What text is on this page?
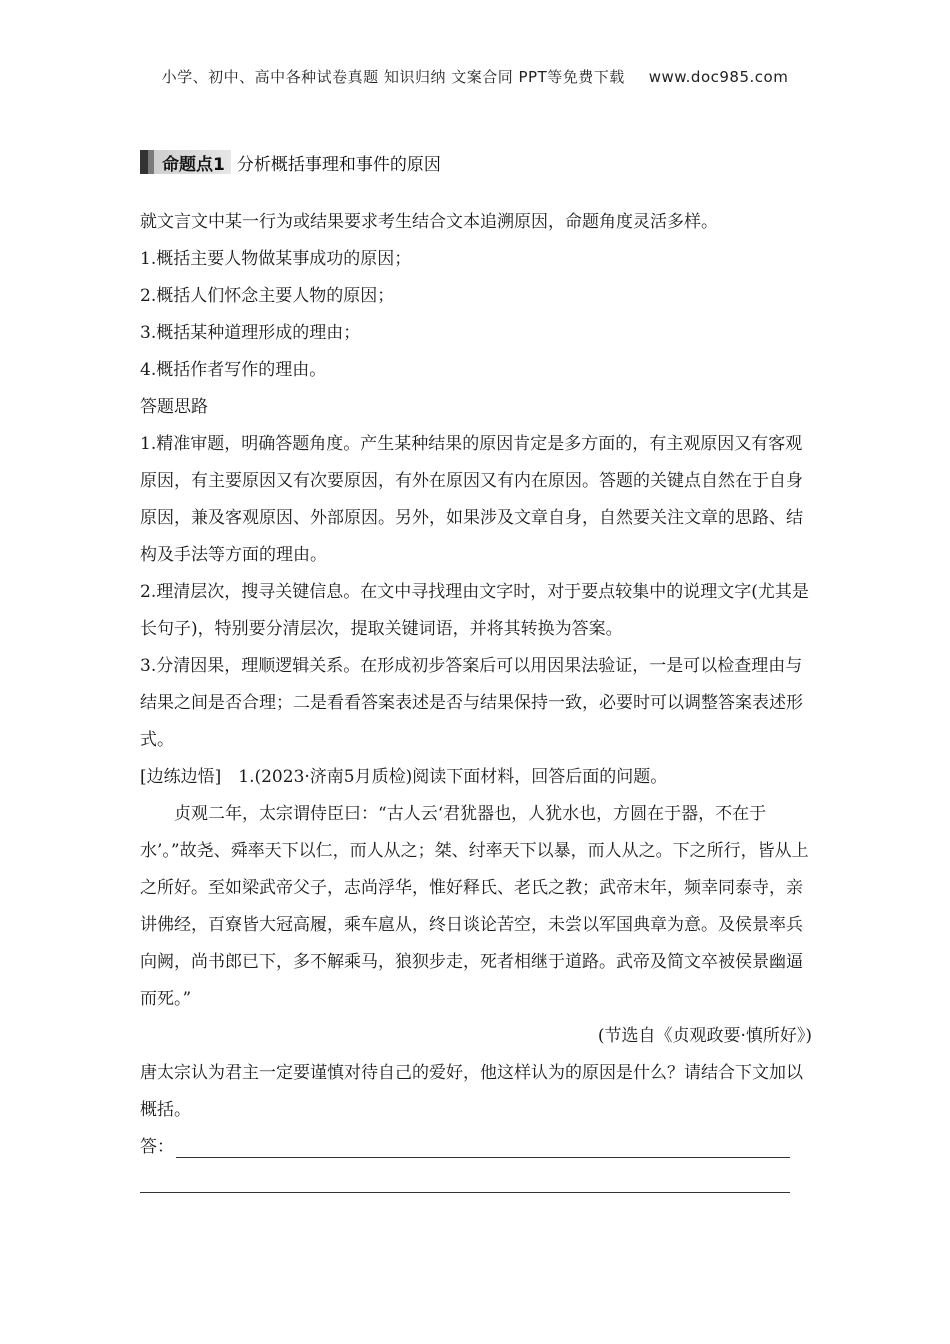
小学、初中、高中各种试卷真题 知识归纳 文案合同 PPT等免费下载 www.doc985.com
命题点1 分析概括事理和事件的原因

就文言文中某一行为或结果要求考生结合文本追溯原因，命题角度灵活多样。

1.概括主要人物做某事成功的原因；

2.概括人们怀念主要人物的原因；

3.概括某种道理形成的理由；

4.概括作者写作的理由。

答题思路

1.精准审题，明确答题角度。产生某种结果的原因肯定是多方面的，有主观原因又有客观原因，有主要原因又有次要原因，有外在原因又有内在原因。答题的关键点自然在于自身原因，兼及客观原因、外部原因。另外，如果涉及文章自身，自然要关注文章的思路、结构及手法等方面的理由。

2.理清层次，搜寻关键信息。在文中寻找理由文字时，对于要点较集中的说理文字(尤其是长句子)，特别要分清层次，提取关键词语，并将其转换为答案。

3.分清因果，理顺逻辑关系。在形成初步答案后可以用因果法验证，一是可以检查理由与结果之间是否合理；二是看看答案表述是否与结果保持一致，必要时可以调整答案表述形式。

[边练边悟]　1.(2023·济南5月质检)阅读下面材料，回答后面的问题。

贞观二年，太宗谓侍臣曰：“古人云‘君犹器也，人犹水也，方圆在于器，不在于水’。”故尧、舜率天下以仁，而人从之；桀、纣率天下以暴，而人从之。下之所行，皆从上之所好。至如梁武帝父子，志尚浮华，惟好释氏、老氏之教；武帝末年，频幸同泰寺，亲讲佛经，百寮皆大冠高履，乘车扈从，终日谈论苦空，未尝以军国典章为意。及侯景率兵向阙，尚书郎已下，多不解乘马，狼狈步走，死者相继于道路。武帝及简文卒被侯景幽逼而死。”

(节选自《贞观政要·慎所好》)

唐太宗认为君主一定要谨慎对待自己的爱好，他这样认为的原因是什么？请结合下文加以概括。

答：
